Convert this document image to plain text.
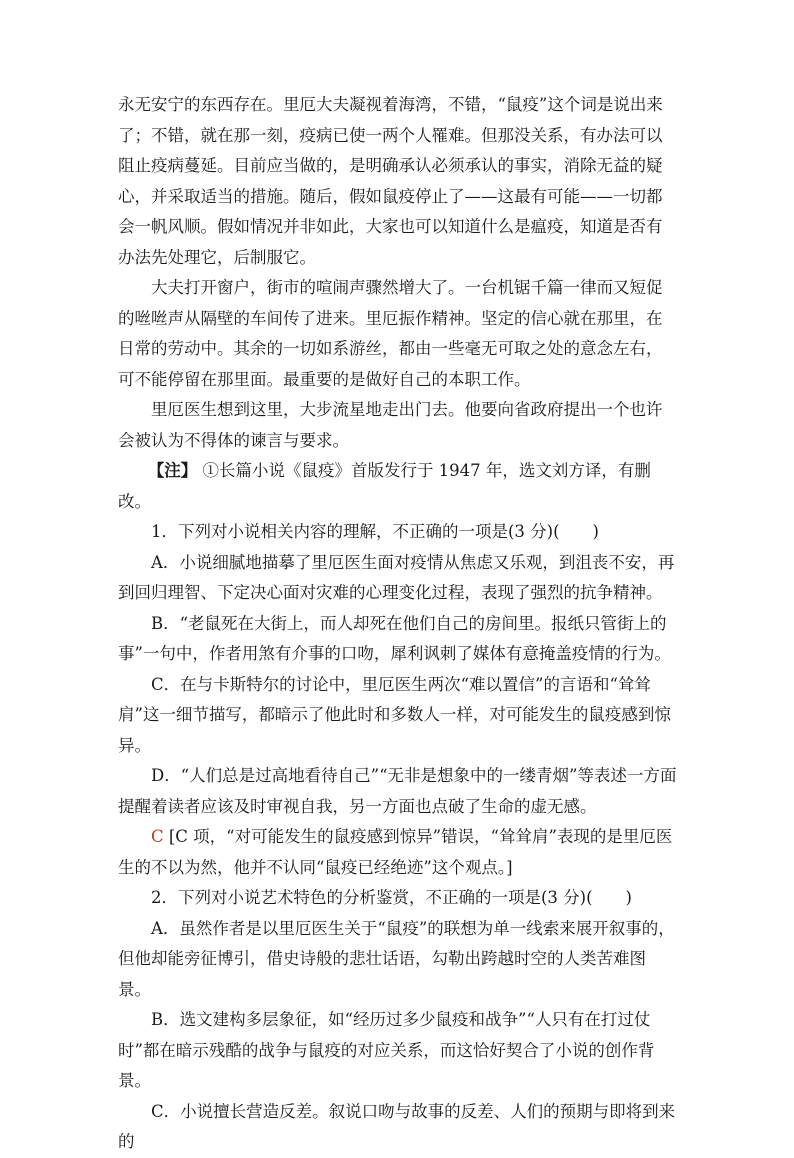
永无安宁的东西存在。里厄大夫凝视着海湾，不错，“鼠疫”这个词是说出来了；不错，就在那一刻，疫病已使一两个人罹难。但那没关系，有办法可以阻止疫病蔓延。目前应当做的，是明确承认必须承认的事实，消除无益的疑心，并采取适当的措施。随后，假如鼠疫停止了——这最有可能——一切都会一帆风顺。假如情况并非如此，大家也可以知道什么是瘟疫，知道是否有办法先处理它，后制服它。

大夫打开窗户，街市的喧闹声骤然增大了。一台机锯千篇一律而又短促的咝咝声从隔壁的车间传了进来。里厄振作精神。坚定的信心就在那里，在日常的劳动中。其余的一切如系游丝，都由一些毫无可取之处的意念左右，可不能停留在那里面。最重要的是做好自己的本职工作。

里厄医生想到这里，大步流星地走出门去。他要向省政府提出一个也许会被认为不得体的谏言与要求。

【注】 ①长篇小说《鼠疫》首版发行于 1947 年，选文刘方译，有删改。

1．下列对小说相关内容的理解，不正确的一项是(3 分)(　　)

A．小说细腻地描摹了里厄医生面对疫情从焦虑又乐观，到沮丧不安，再到回归理智、下定决心面对灾难的心理变化过程，表现了强烈的抗争精神。

B．“老鼠死在大街上，而人却死在他们自己的房间里。报纸只管街上的事”一句中，作者用煞有介事的口吻，犀利讽刺了媒体有意掩盖疫情的行为。

C．在与卡斯特尔的讨论中，里厄医生两次“难以置信”的言语和“耸耸肩”这一细节描写，都暗示了他此时和多数人一样，对可能发生的鼠疫感到惊异。

D．“人们总是过高地看待自己”“无非是想象中的一缕青烟”等表述一方面提醒着读者应该及时审视自我，另一方面也点破了生命的虚无感。

C [C 项，“对可能发生的鼠疫感到惊异”错误，“耸耸肩”表现的是里厄医生的不以为然，他并不认同“鼠疫已经绝迹”这个观点。]

2．下列对小说艺术特色的分析鉴赏，不正确的一项是(3 分)(　　)

A．虽然作者是以里厄医生关于“鼠疫”的联想为单一线索来展开叙事的，但他却能旁征博引，借史诗般的悲壮话语，勾勒出跨越时空的人类苦难图景。

B．选文建构多层象征，如“经历过多少鼠疫和战争”“人只有在打过仗时”都在暗示残酷的战争与鼠疫的对应关系，而这恰好契合了小说的创作背景。

C．小说擅长营造反差。叙说口吻与故事的反差、人们的预期与即将到来的
